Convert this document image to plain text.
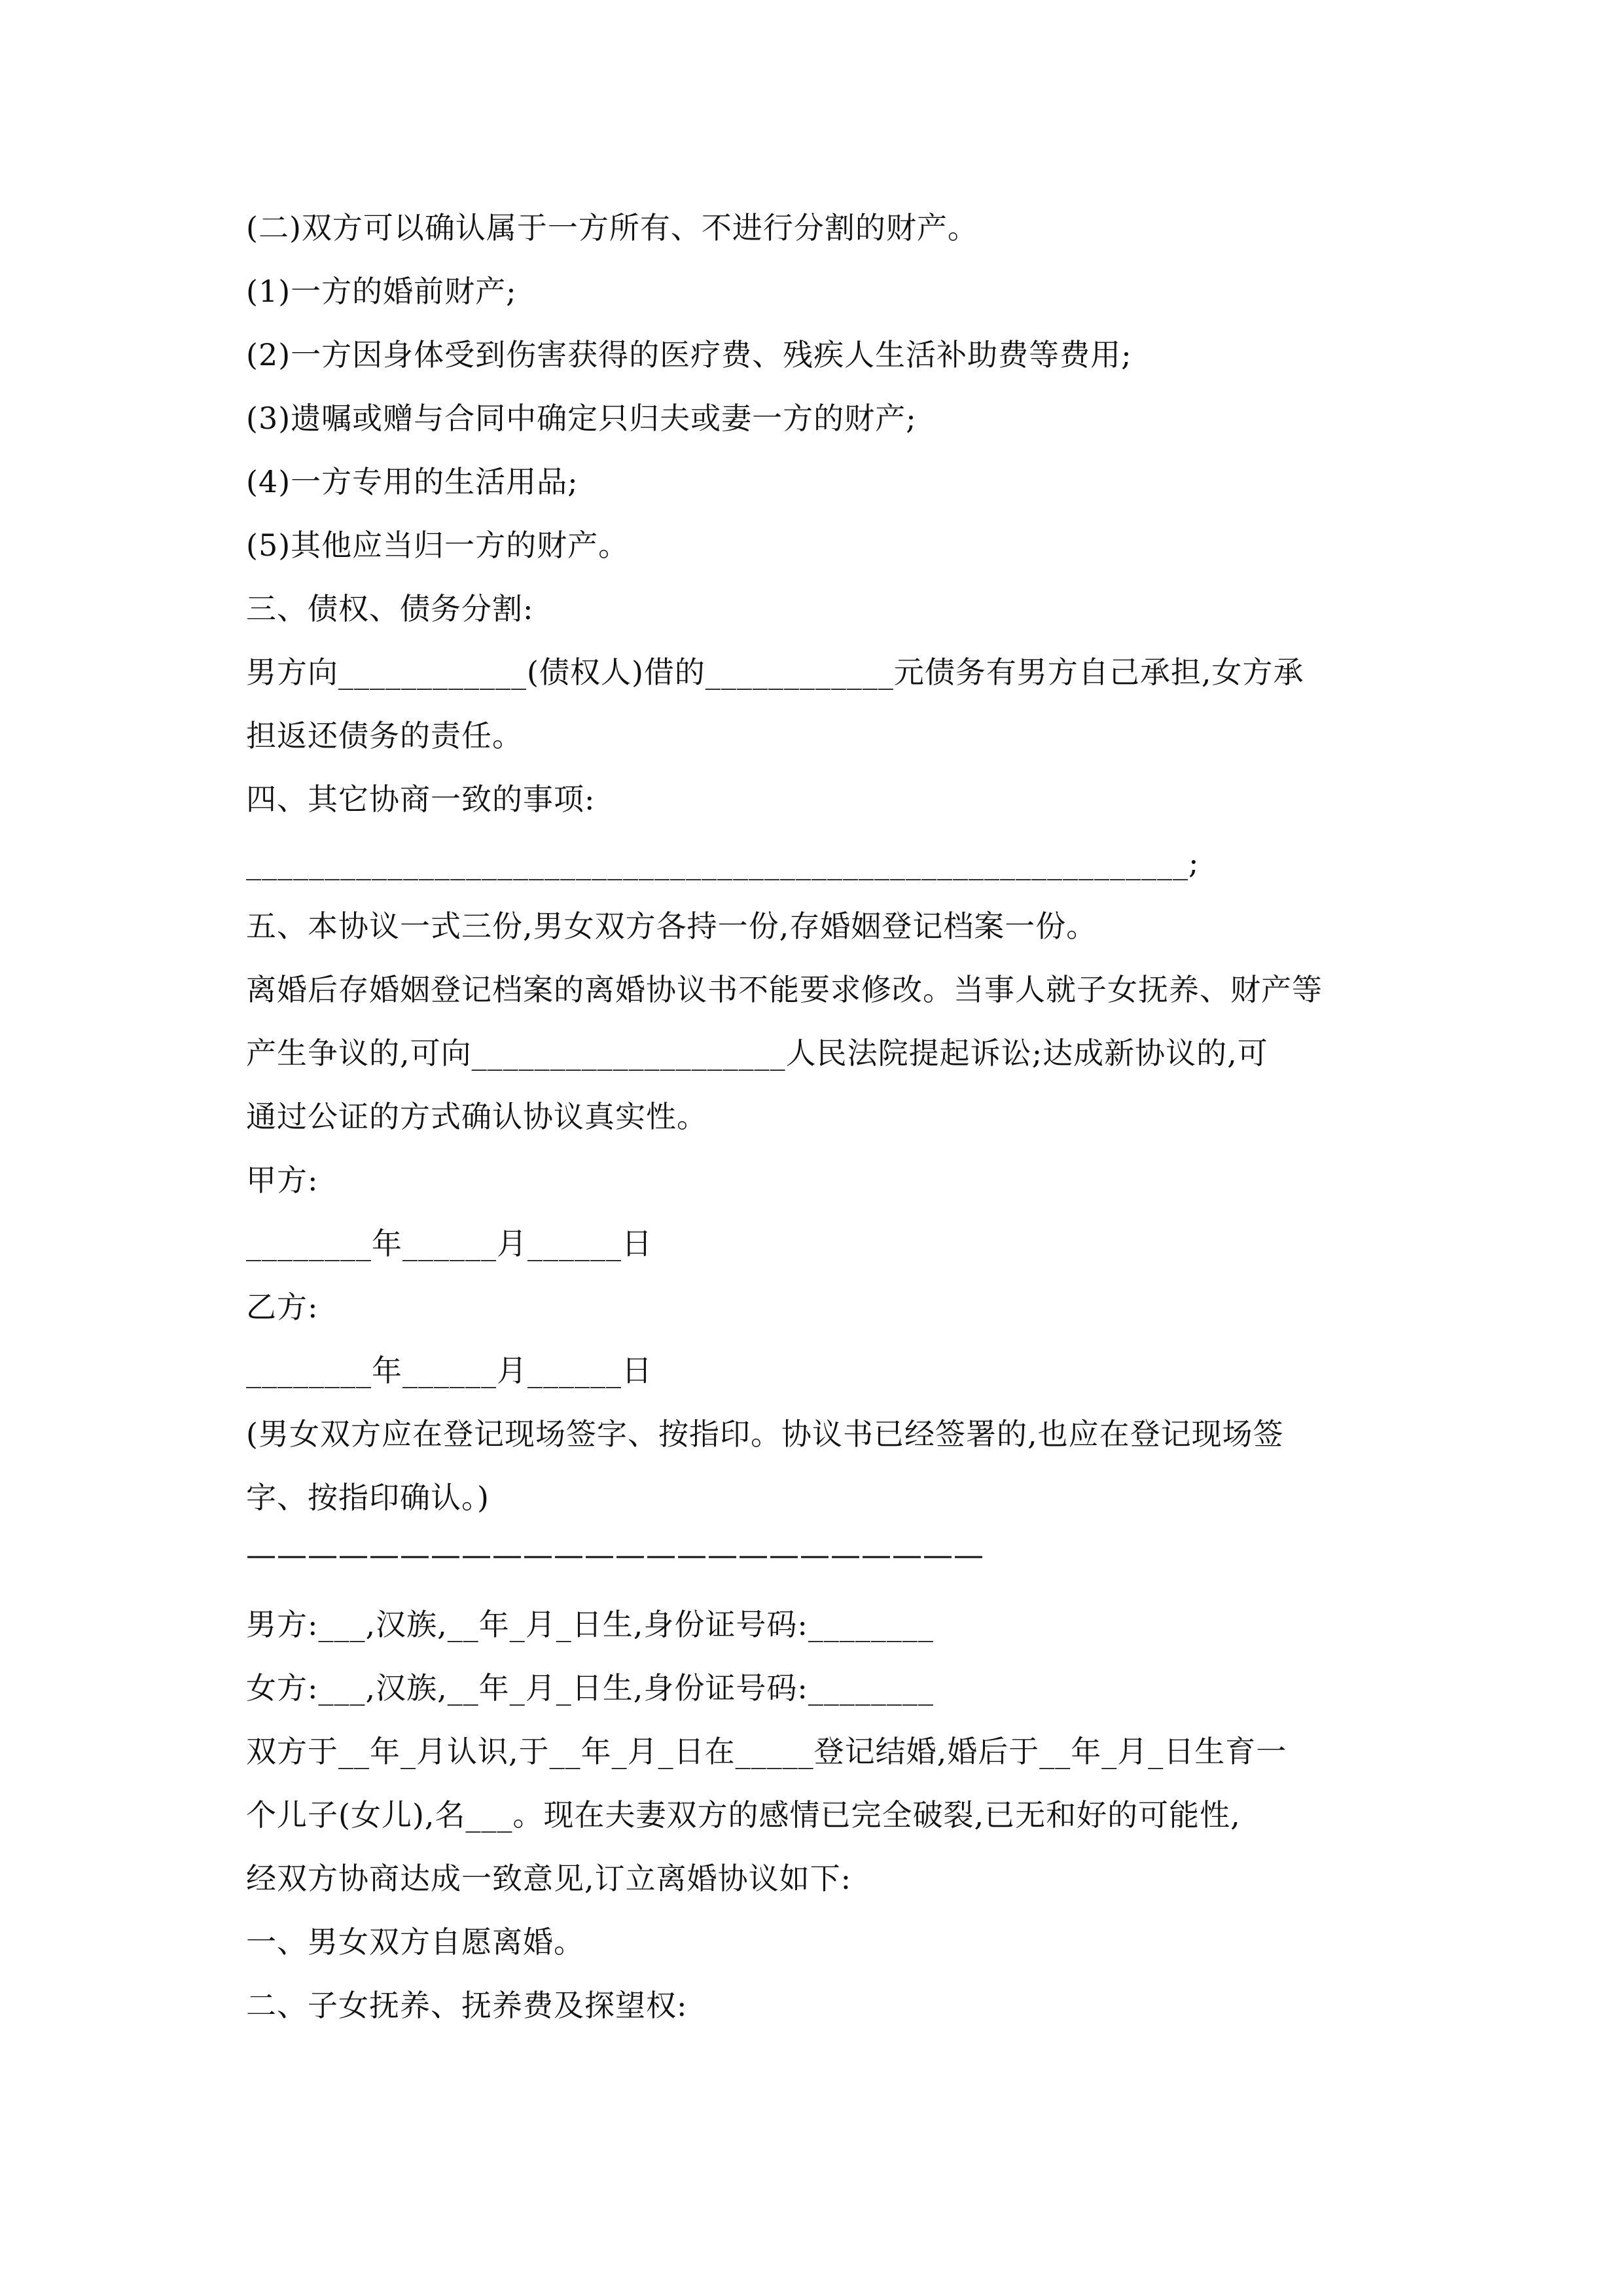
(二)双方可以确认属于一方所有、不进行分割的财产。
(1)一方的婚前财产;
(2)一方因身体受到伤害获得的医疗费、残疾人生活补助费等费用;
(3)遗嘱或赠与合同中确定只归夫或妻一方的财产;
(4)一方专用的生活用品;
(5)其他应当归一方的财产。
三、债权、债务分割:
男方向____________(债权人)借的____________元债务有男方自己承担,女方承
担返还债务的责任。
四、其它协商一致的事项:
____________________________________________________________;
五、本协议一式三份,男女双方各持一份,存婚姻登记档案一份。
离婚后存婚姻登记档案的离婚协议书不能要求修改。当事人就子女抚养、财产等
产生争议的,可向____________________人民法院提起诉讼;达成新协议的,可
通过公证的方式确认协议真实性。
甲方:
________年______月______日
乙方:
________年______月______日
(男女双方应在登记现场签字、按指印。协议书已经签署的,也应在登记现场签
字、按指印确认。)
————————————————————————
男方:___,汉族,__年_月_日生,身份证号码:________
女方:___,汉族,__年_月_日生,身份证号码:________
双方于__年_月认识,于__年_月_日在_____登记结婚,婚后于__年_月_日生育一
个儿子(女儿),名___。现在夫妻双方的感情已完全破裂,已无和好的可能性,
经双方协商达成一致意见,订立离婚协议如下:
一、男女双方自愿离婚。
二、子女抚养、抚养费及探望权:
